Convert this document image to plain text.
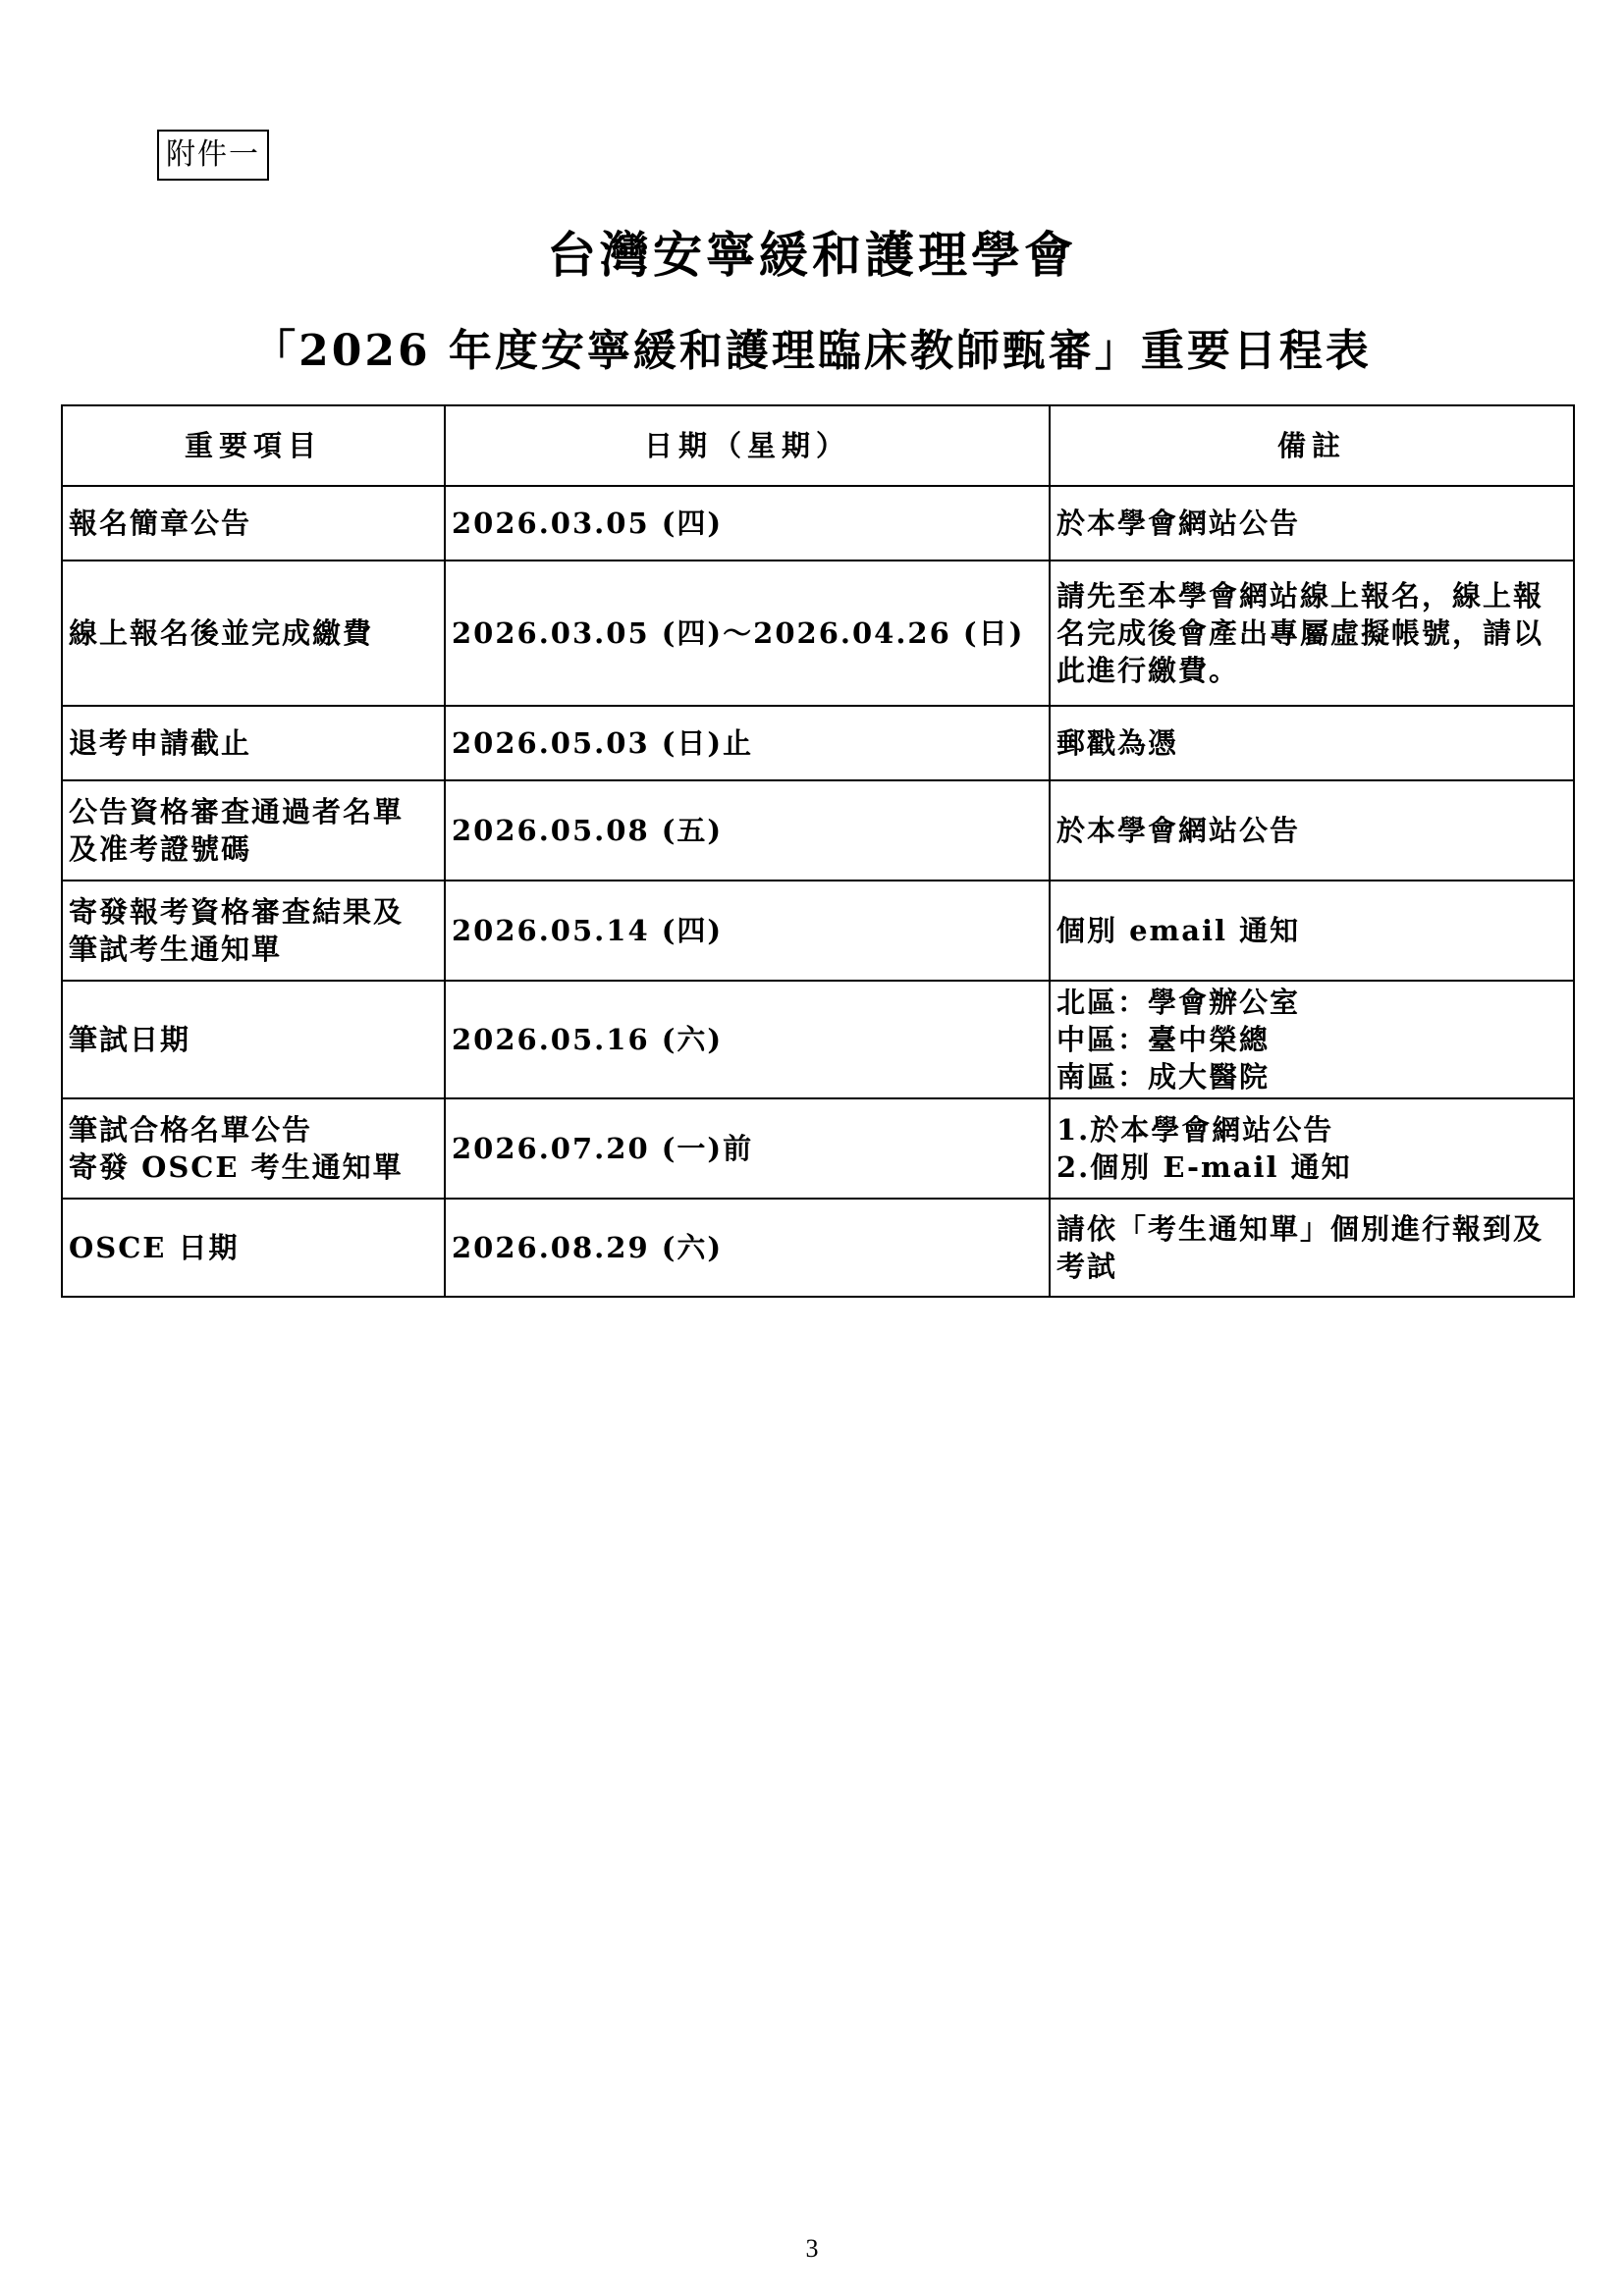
附件一
台灣安寧緩和護理學會
「2026 年度安寧緩和護理臨床教師甄審」重要日程表
重要項目	日期（星期）	備註

報名簡章公告	2026.03.05 (四)	於本學會網站公告

線上報名後並完成繳費	2026.03.05 (四)～2026.04.26 (日)	請先至本學會網站線上報名，線上報
名完成後會產出專屬虛擬帳號，請以
此進行繳費。

退考申請截止	2026.05.03 (日)止	郵戳為憑

公告資格審查通過者名單
及准考證號碼	2026.05.08 (五)	於本學會網站公告

寄發報考資格審查結果及
筆試考生通知單	2026.05.14 (四)	個別 email 通知

筆試日期	2026.05.16 (六)	北區：學會辦公室
中區：臺中榮總
南區：成大醫院

筆試合格名單公告
寄發 OSCE 考生通知單	2026.07.20 (一)前	1.於本學會網站公告
2.個別 E-mail 通知

OSCE 日期	2026.08.29 (六)	請依「考生通知單」個別進行報到及
考試
3
